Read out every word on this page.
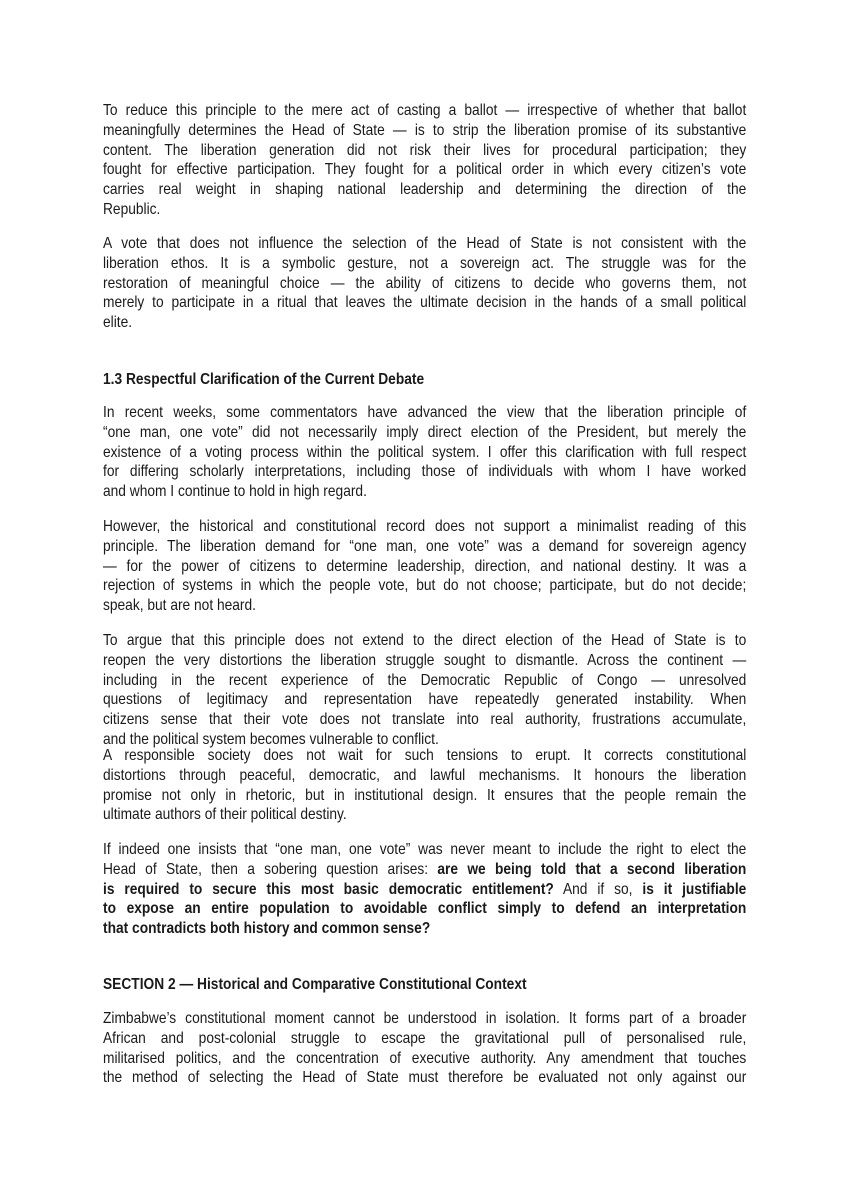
To reduce this principle to the mere act of casting a ballot — irrespective of whether that ballot
meaningfully determines the Head of State — is to strip the liberation promise of its substantive
content. The liberation generation did not risk their lives for procedural participation; they
fought for effective participation. They fought for a political order in which every citizen’s vote
carries real weight in shaping national leadership and determining the direction of the
Republic.
A vote that does not influence the selection of the Head of State is not consistent with the
liberation ethos. It is a symbolic gesture, not a sovereign act. The struggle was for the
restoration of meaningful choice — the ability of citizens to decide who governs them, not
merely to participate in a ritual that leaves the ultimate decision in the hands of a small political
elite.
1.3 Respectful Clarification of the Current Debate
In recent weeks, some commentators have advanced the view that the liberation principle of
“one man, one vote” did not necessarily imply direct election of the President, but merely the
existence of a voting process within the political system. I offer this clarification with full respect
for differing scholarly interpretations, including those of individuals with whom I have worked
and whom I continue to hold in high regard.
However, the historical and constitutional record does not support a minimalist reading of this
principle. The liberation demand for “one man, one vote” was a demand for sovereign agency
— for the power of citizens to determine leadership, direction, and national destiny. It was a
rejection of systems in which the people vote, but do not choose; participate, but do not decide;
speak, but are not heard.
To argue that this principle does not extend to the direct election of the Head of State is to
reopen the very distortions the liberation struggle sought to dismantle. Across the continent —
including in the recent experience of the Democratic Republic of Congo — unresolved
questions of legitimacy and representation have repeatedly generated instability. When
citizens sense that their vote does not translate into real authority, frustrations accumulate,
and the political system becomes vulnerable to conflict.
A responsible society does not wait for such tensions to erupt. It corrects constitutional
distortions through peaceful, democratic, and lawful mechanisms. It honours the liberation
promise not only in rhetoric, but in institutional design. It ensures that the people remain the
ultimate authors of their political destiny.
If indeed one insists that “one man, one vote” was never meant to include the right to elect the
Head of State, then a sobering question arises: are we being told that a second liberation
is required to secure this most basic democratic entitlement? And if so, is it justifiable
to expose an entire population to avoidable conflict simply to defend an interpretation
that contradicts both history and common sense?
SECTION 2 — Historical and Comparative Constitutional Context
Zimbabwe’s constitutional moment cannot be understood in isolation. It forms part of a broader
African and post-colonial struggle to escape the gravitational pull of personalised rule,
militarised politics, and the concentration of executive authority. Any amendment that touches
the method of selecting the Head of State must therefore be evaluated not only against our
